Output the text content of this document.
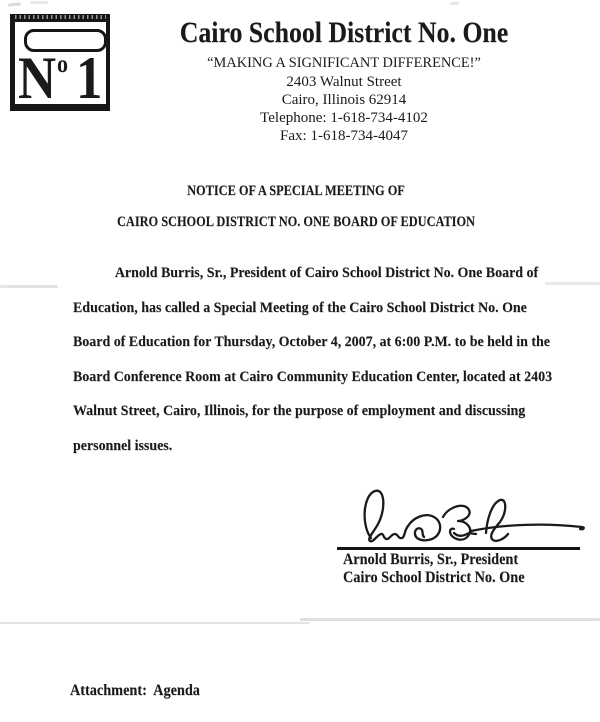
No 1
Cairo School District No. One
“MAKING A SIGNIFICANT DIFFERENCE!”
2403 Walnut Street
Cairo, Illinois 62914
Telephone: 1-618-734-4102
Fax: 1-618-734-4047
NOTICE OF A SPECIAL MEETING OF
CAIRO SCHOOL DISTRICT NO. ONE BOARD OF EDUCATION
Arnold Burris, Sr., President of Cairo School District No. One Board of
Education, has called a Special Meeting of the Cairo School District No. One
Board of Education for Thursday, October 4, 2007, at 6:00 P.M. to be held in the
Board Conference Room at Cairo Community Education Center, located at 2403
Walnut Street, Cairo, Illinois, for the purpose of employment and discussing
personnel issues.
Arnold Burris, Sr., President
Cairo School District No. One
Attachment:  Agenda
